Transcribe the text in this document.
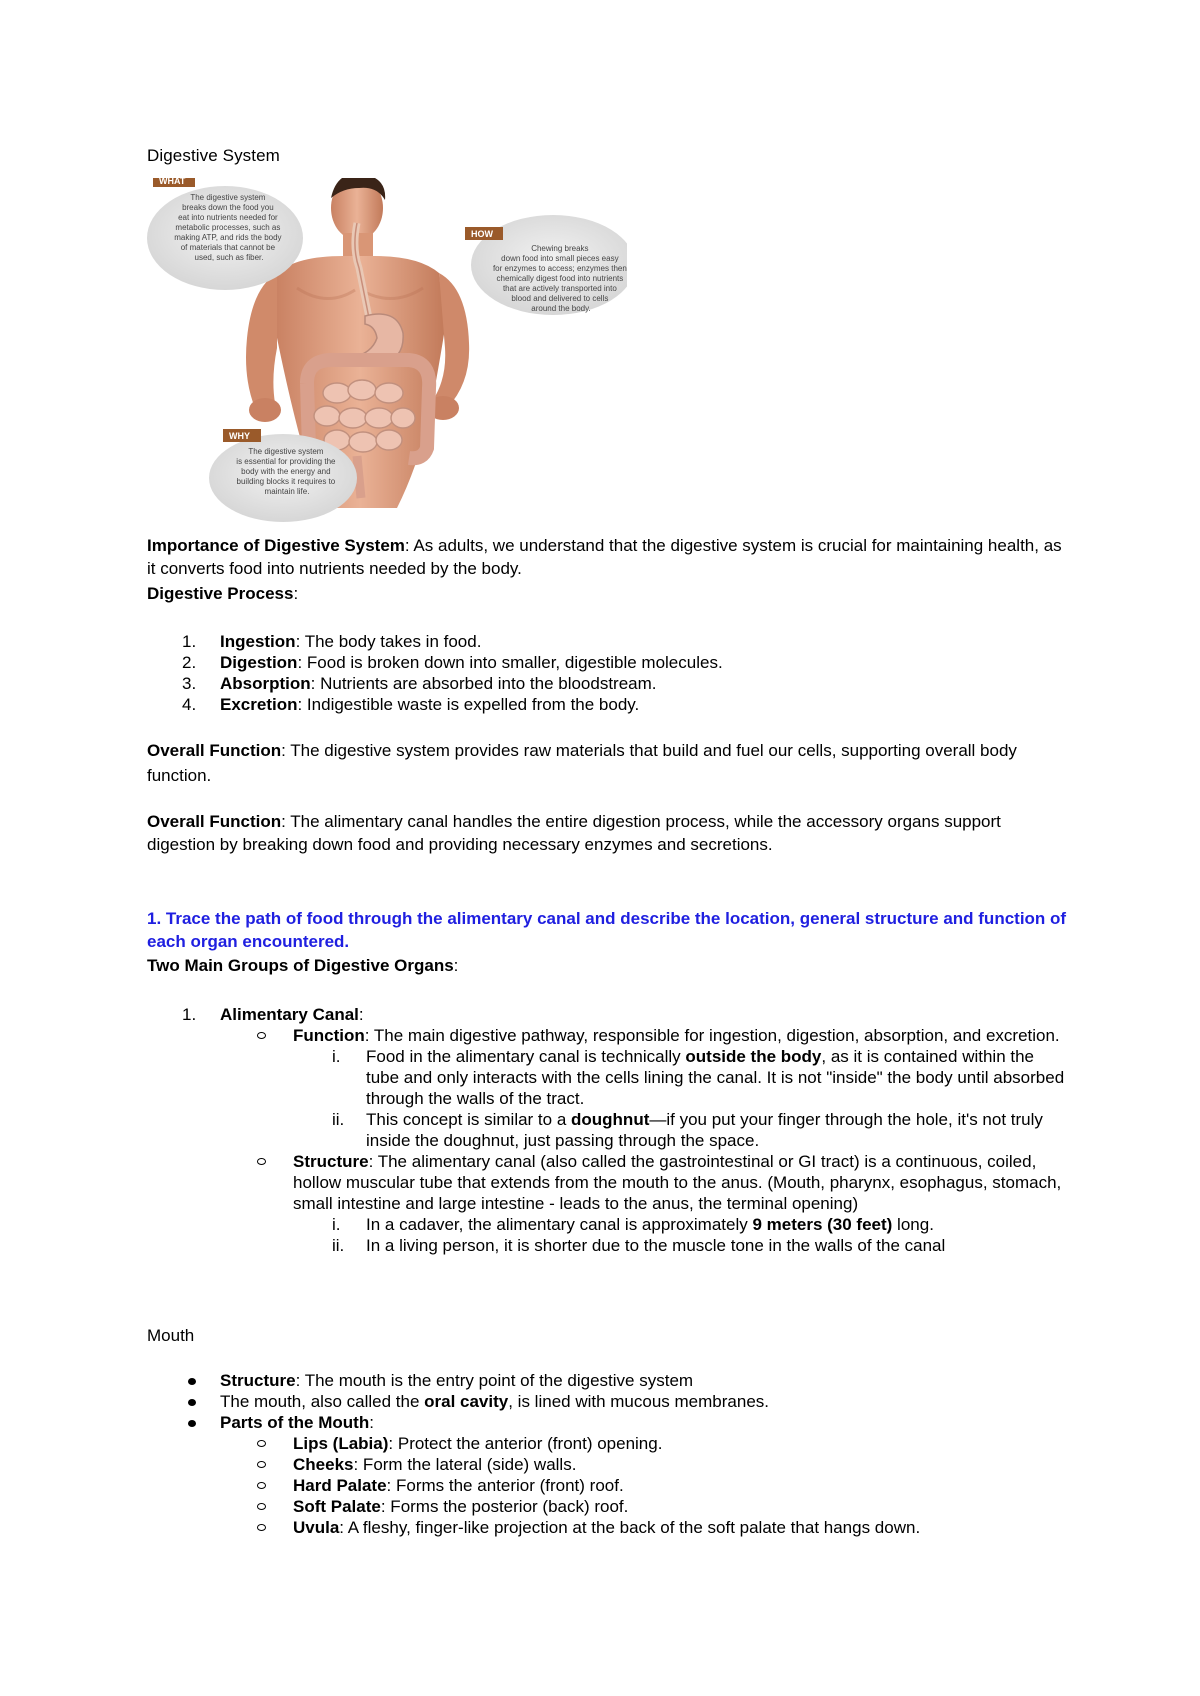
Digestive System
WHAT
The digestive system breaks down the food you eat into nutrients needed for metabolic processes, such as making ATP, and rids the body of materials that cannot be used, such as fiber.
HOW
Chewing breaks down food into small pieces easy for enzymes to access; enzymes then chemically digest food into nutrients that are actively transported into blood and delivered to cells around the body.
WHY
The digestive system is essential for providing the body with the energy and building blocks it requires to maintain life.
Importance of Digestive System: As adults, we understand that the digestive system is crucial for maintaining health, as it converts food into nutrients needed by the body.
Digestive Process:
1. Ingestion: The body takes in food.
2. Digestion: Food is broken down into smaller, digestible molecules.
3. Absorption: Nutrients are absorbed into the bloodstream.
4. Excretion: Indigestible waste is expelled from the body.
Overall Function: The digestive system provides raw materials that build and fuel our cells, supporting overall body function.
Overall Function: The alimentary canal handles the entire digestion process, while the accessory organs support digestion by breaking down food and providing necessary enzymes and secretions.
1. Trace the path of food through the alimentary canal and describe the location, general structure and function of each organ encountered.
Two Main Groups of Digestive Organs:
1. Alimentary Canal:
Function: The main digestive pathway, responsible for ingestion, digestion, absorption, and excretion.
i. Food in the alimentary canal is technically outside the body, as it is contained within the tube and only interacts with the cells lining the canal. It is not "inside" the body until absorbed through the walls of the tract.
ii. This concept is similar to a doughnut—if you put your finger through the hole, it's not truly inside the doughnut, just passing through the space.
Structure: The alimentary canal (also called the gastrointestinal or GI tract) is a continuous, coiled, hollow muscular tube that extends from the mouth to the anus. (Mouth, pharynx, esophagus, stomach, small intestine and large intestine - leads to the anus, the terminal opening)
i. In a cadaver, the alimentary canal is approximately 9 meters (30 feet) long.
ii. In a living person, it is shorter due to the muscle tone in the walls of the canal
Mouth
Structure: The mouth is the entry point of the digestive system
The mouth, also called the oral cavity, is lined with mucous membranes.
Parts of the Mouth:
Lips (Labia): Protect the anterior (front) opening.
Cheeks: Form the lateral (side) walls.
Hard Palate: Forms the anterior (front) roof.
Soft Palate: Forms the posterior (back) roof.
Uvula: A fleshy, finger-like projection at the back of the soft palate that hangs down.
